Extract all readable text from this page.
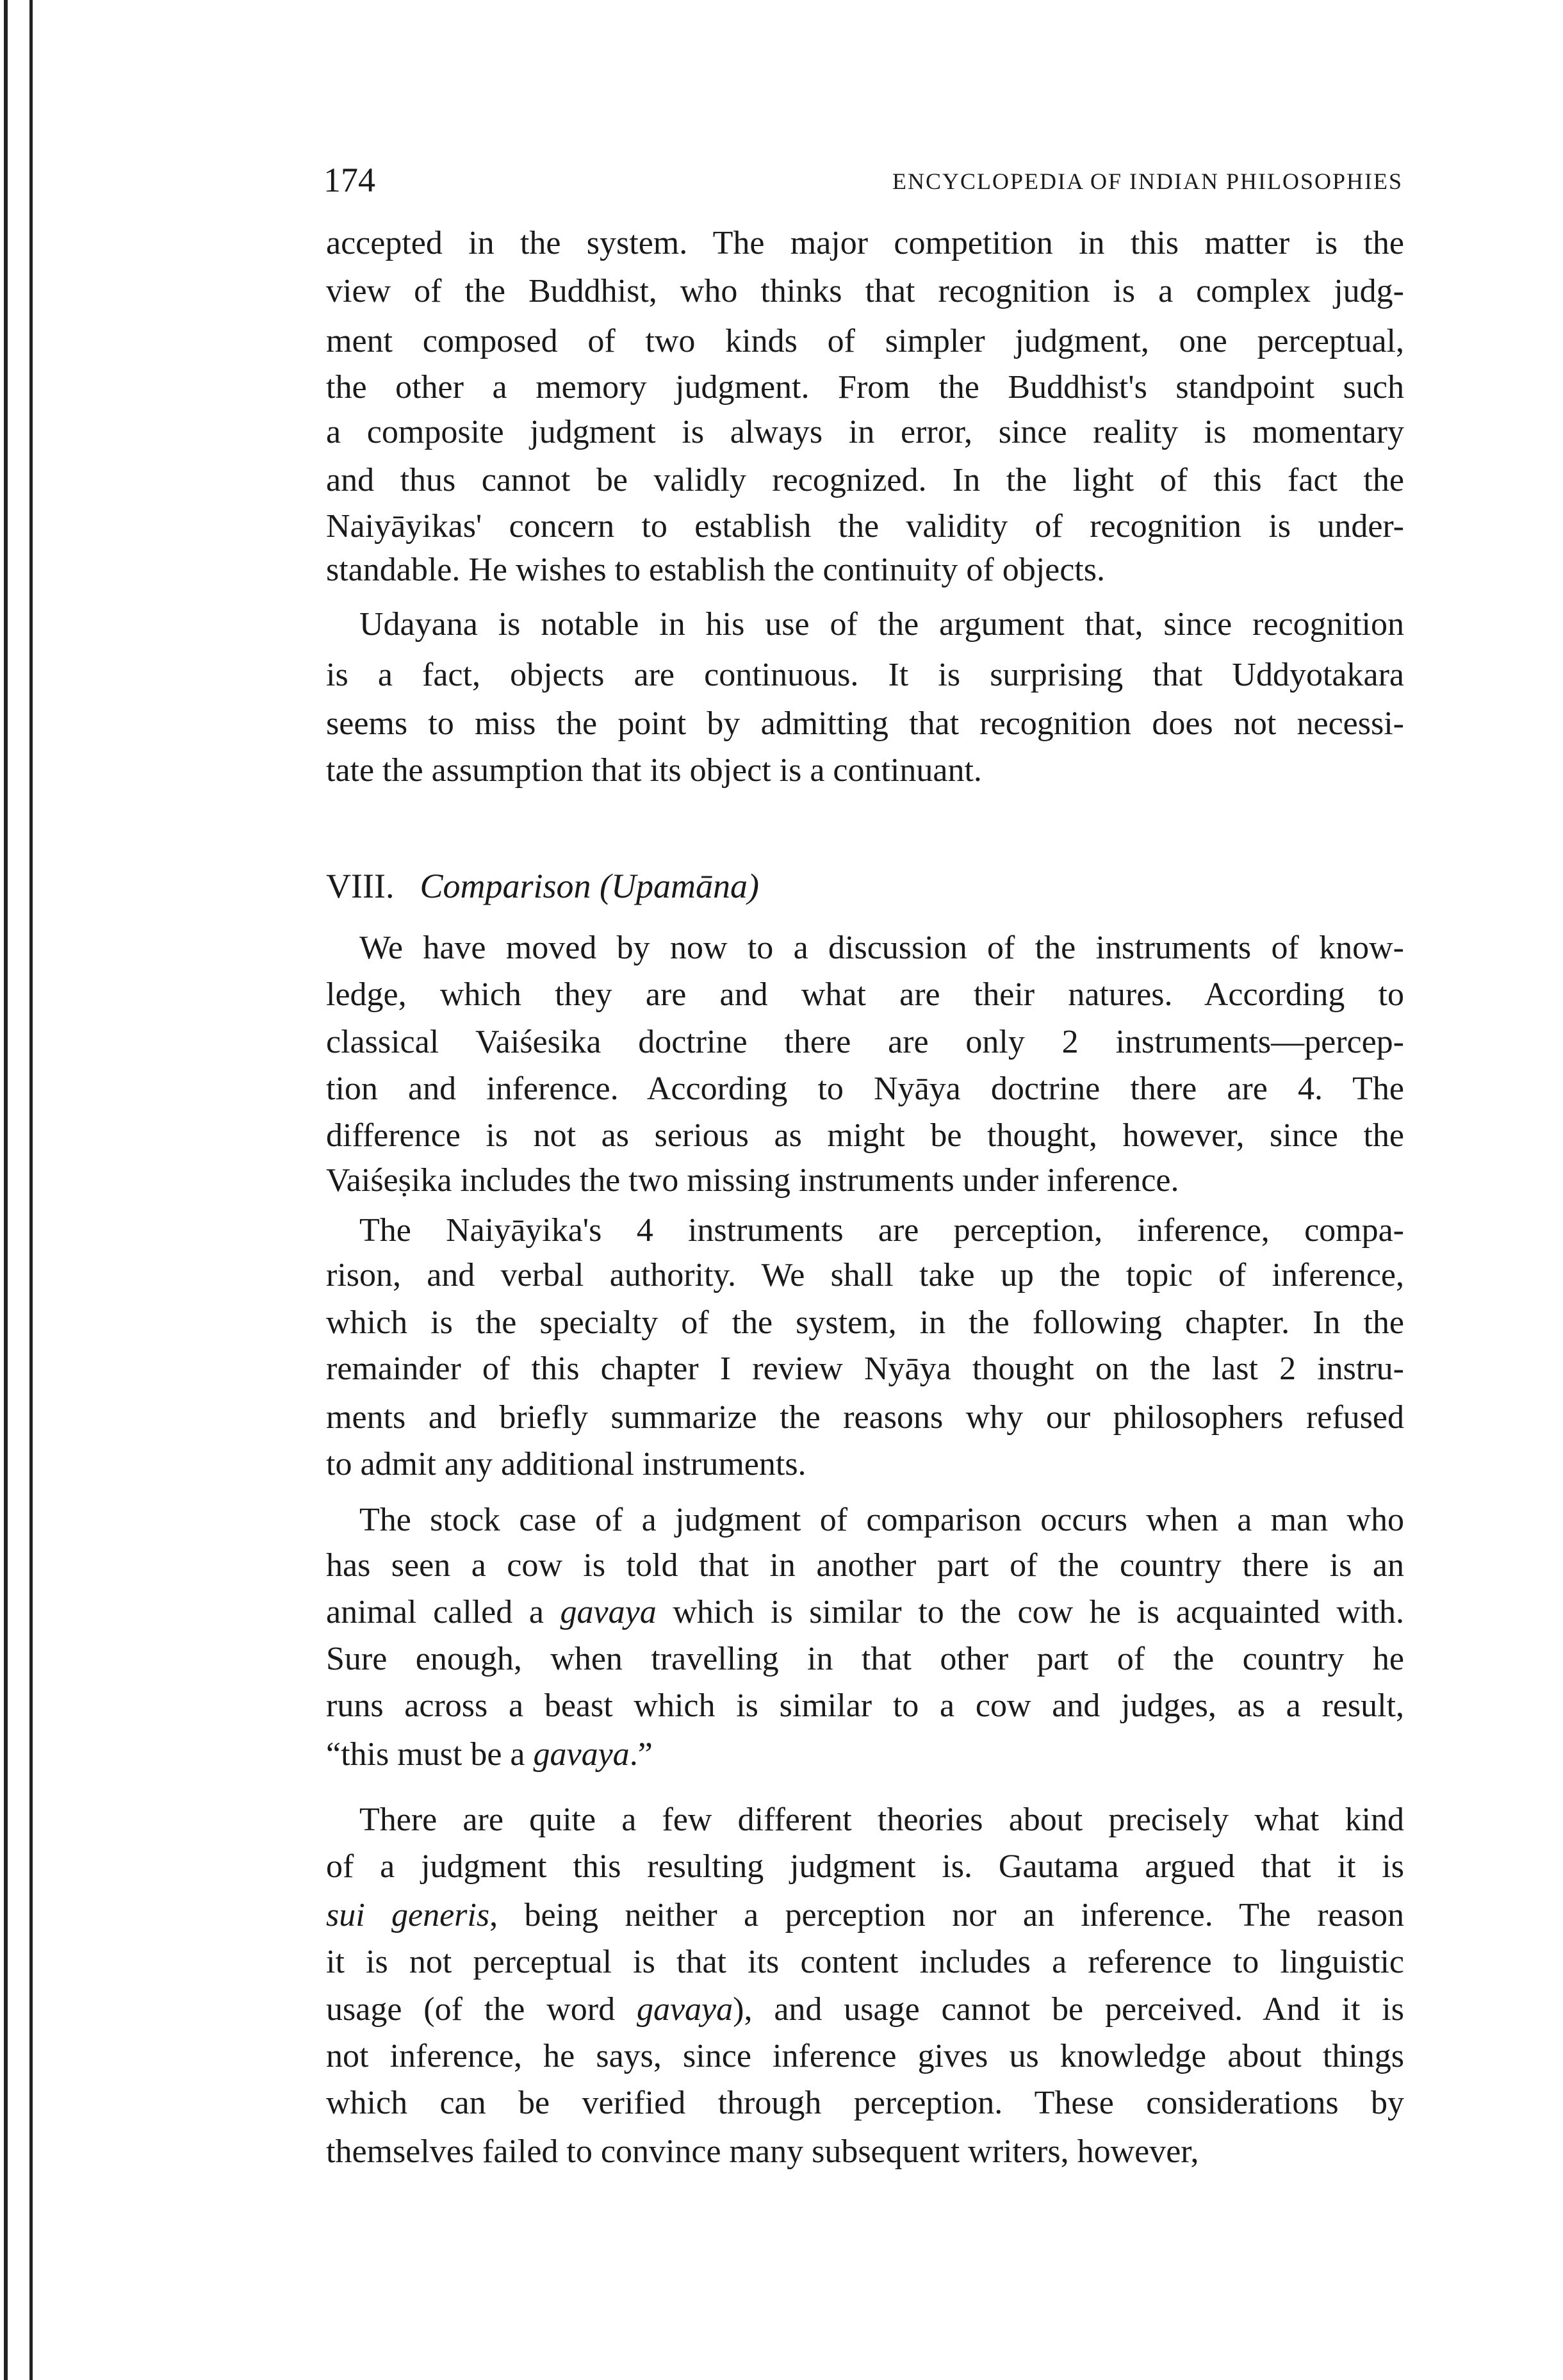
174	ENCYCLOPEDIA OF INDIAN PHILOSOPHIES
VIII. Comparison (Upamāna)
accepted in the system. The major competition in this matter is the
view of the Buddhist, who thinks that recognition is a complex judg-
ment composed of two kinds of simpler judgment, one perceptual,
the other a memory judgment. From the Buddhist's standpoint such
a composite judgment is always in error, since reality is momentary
and thus cannot be validly recognized. In the light of this fact the
Naiyāyikas' concern to establish the validity of recognition is under-
standable. He wishes to establish the continuity of objects.
Udayana is notable in his use of the argument that, since recognition
is a fact, objects are continuous. It is surprising that Uddyotakara
seems to miss the point by admitting that recognition does not necessi-
tate the assumption that its object is a continuant.
We have moved by now to a discussion of the instruments of know-
ledge, which they are and what are their natures. According to
classical Vaiśesika doctrine there are only 2 instruments—percep-
tion and inference. According to Nyāya doctrine there are 4. The
difference is not as serious as might be thought, however, since the
Vaiśeṣika includes the two missing instruments under inference.
The Naiyāyika's 4 instruments are perception, inference, compa-
rison, and verbal authority. We shall take up the topic of inference,
which is the specialty of the system, in the following chapter. In the
remainder of this chapter I review Nyāya thought on the last 2 instru-
ments and briefly summarize the reasons why our philosophers refused
to admit any additional instruments.
The stock case of a judgment of comparison occurs when a man who
has seen a cow is told that in another part of the country there is an
animal called a gavaya which is similar to the cow he is acquainted with.
Sure enough, when travelling in that other part of the country he
runs across a beast which is similar to a cow and judges, as a result,
“this must be a gavaya.”
There are quite a few different theories about precisely what kind
of a judgment this resulting judgment is. Gautama argued that it is
sui generis, being neither a perception nor an inference. The reason
it is not perceptual is that its content includes a reference to linguistic
usage (of the word gavaya), and usage cannot be perceived. And it is
not inference, he says, since inference gives us knowledge about things
which can be verified through perception. These considerations by
themselves failed to convince many subsequent writers, however,
